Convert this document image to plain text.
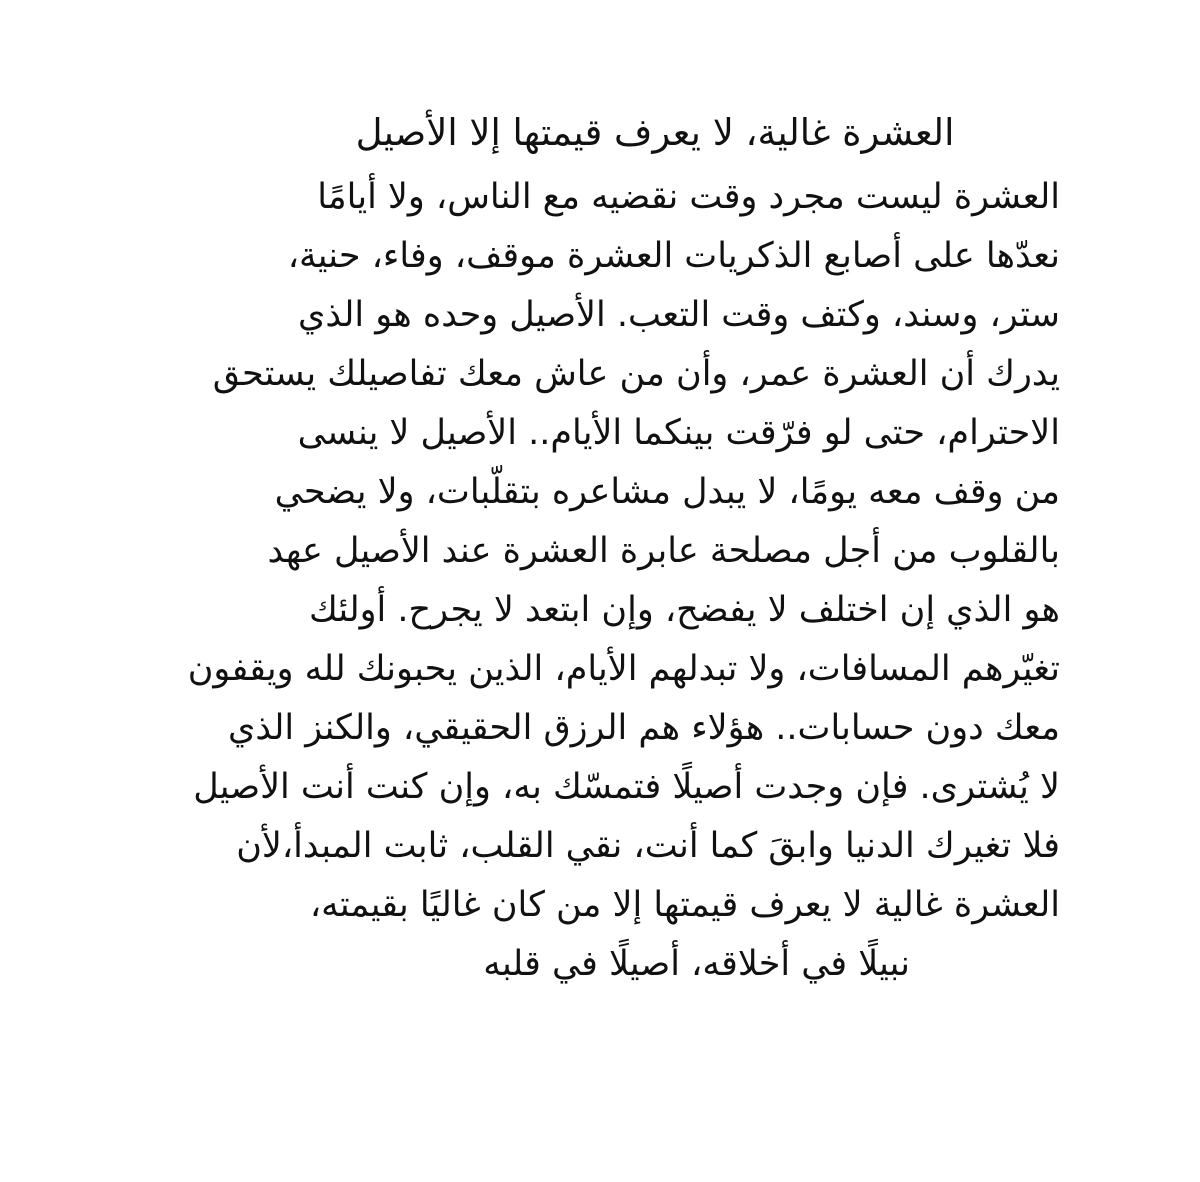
العشرة غالية، لا يعرف قيمتها إلا الأصيل
العشرة ليست مجرد وقت نقضيه مع الناس، ولا أيامًا
نعدّها على أصابع الذكريات العشرة موقف، وفاء، حنية،
ستر، وسند، وكتف وقت التعب. الأصيل وحده هو الذي
يدرك أن العشرة عمر، وأن من عاش معك تفاصيلك يستحق
الاحترام، حتى لو فرّقت بينكما الأيام.. الأصيل لا ينسى
من وقف معه يومًا، لا يبدل مشاعره بتقلّبات، ولا يضحي
بالقلوب من أجل مصلحة عابرة العشرة عند الأصيل عهد
هو الذي إن اختلف لا يفضح، وإن ابتعد لا يجرح. أولئك
تغيّرهم المسافات، ولا تبدلهم الأيام، الذين يحبونك لله ويقفون
معك دون حسابات.. هؤلاء هم الرزق الحقيقي، والكنز الذي
لا يُشترى. فإن وجدت أصيلًا فتمسّك به، وإن كنت أنت الأصيل
فلا تغيرك الدنيا وابقَ كما أنت، نقي القلب، ثابت المبدأ،لأن
العشرة غالية لا يعرف قيمتها إلا من كان غاليًا بقيمته،
نبيلًا في أخلاقه، أصيلًا في قلبه
